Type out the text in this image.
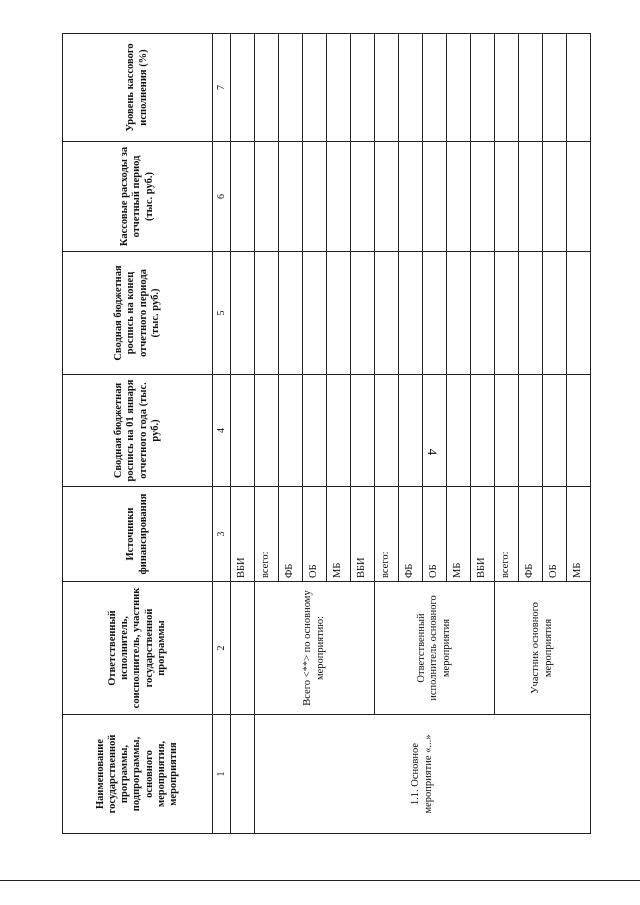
4

Наименование государственной программы, подпрограммы, основного мероприятия, мероприятия	Ответственный исполнитель, соисполнитель, участник государственной программы	Источники финансирования	Сводная бюджетная роспись на 01 января отчетного года (тыс. руб.)	Сводная бюджетная роспись на конец отчетного периода (тыс. руб.)	Кассовые расходы за отчетный период (тыс. руб.)	Уровень кассового исполнения (%)
1	2	3	4	5	6	7
		ВБИ				
1.1. Основное мероприятие «...»	Всего <**> по основному мероприятию:	всего:				
		ФБ				
		ОБ				
		МБ				
		ВБИ				
	Ответственный исполнитель основного мероприятия	всего:				
		ФБ				
		ОБ				
		МБ				
		ВБИ				
	Участник основного мероприятия	всего:				
		ФБ				
		ОБ				
		МБ				
